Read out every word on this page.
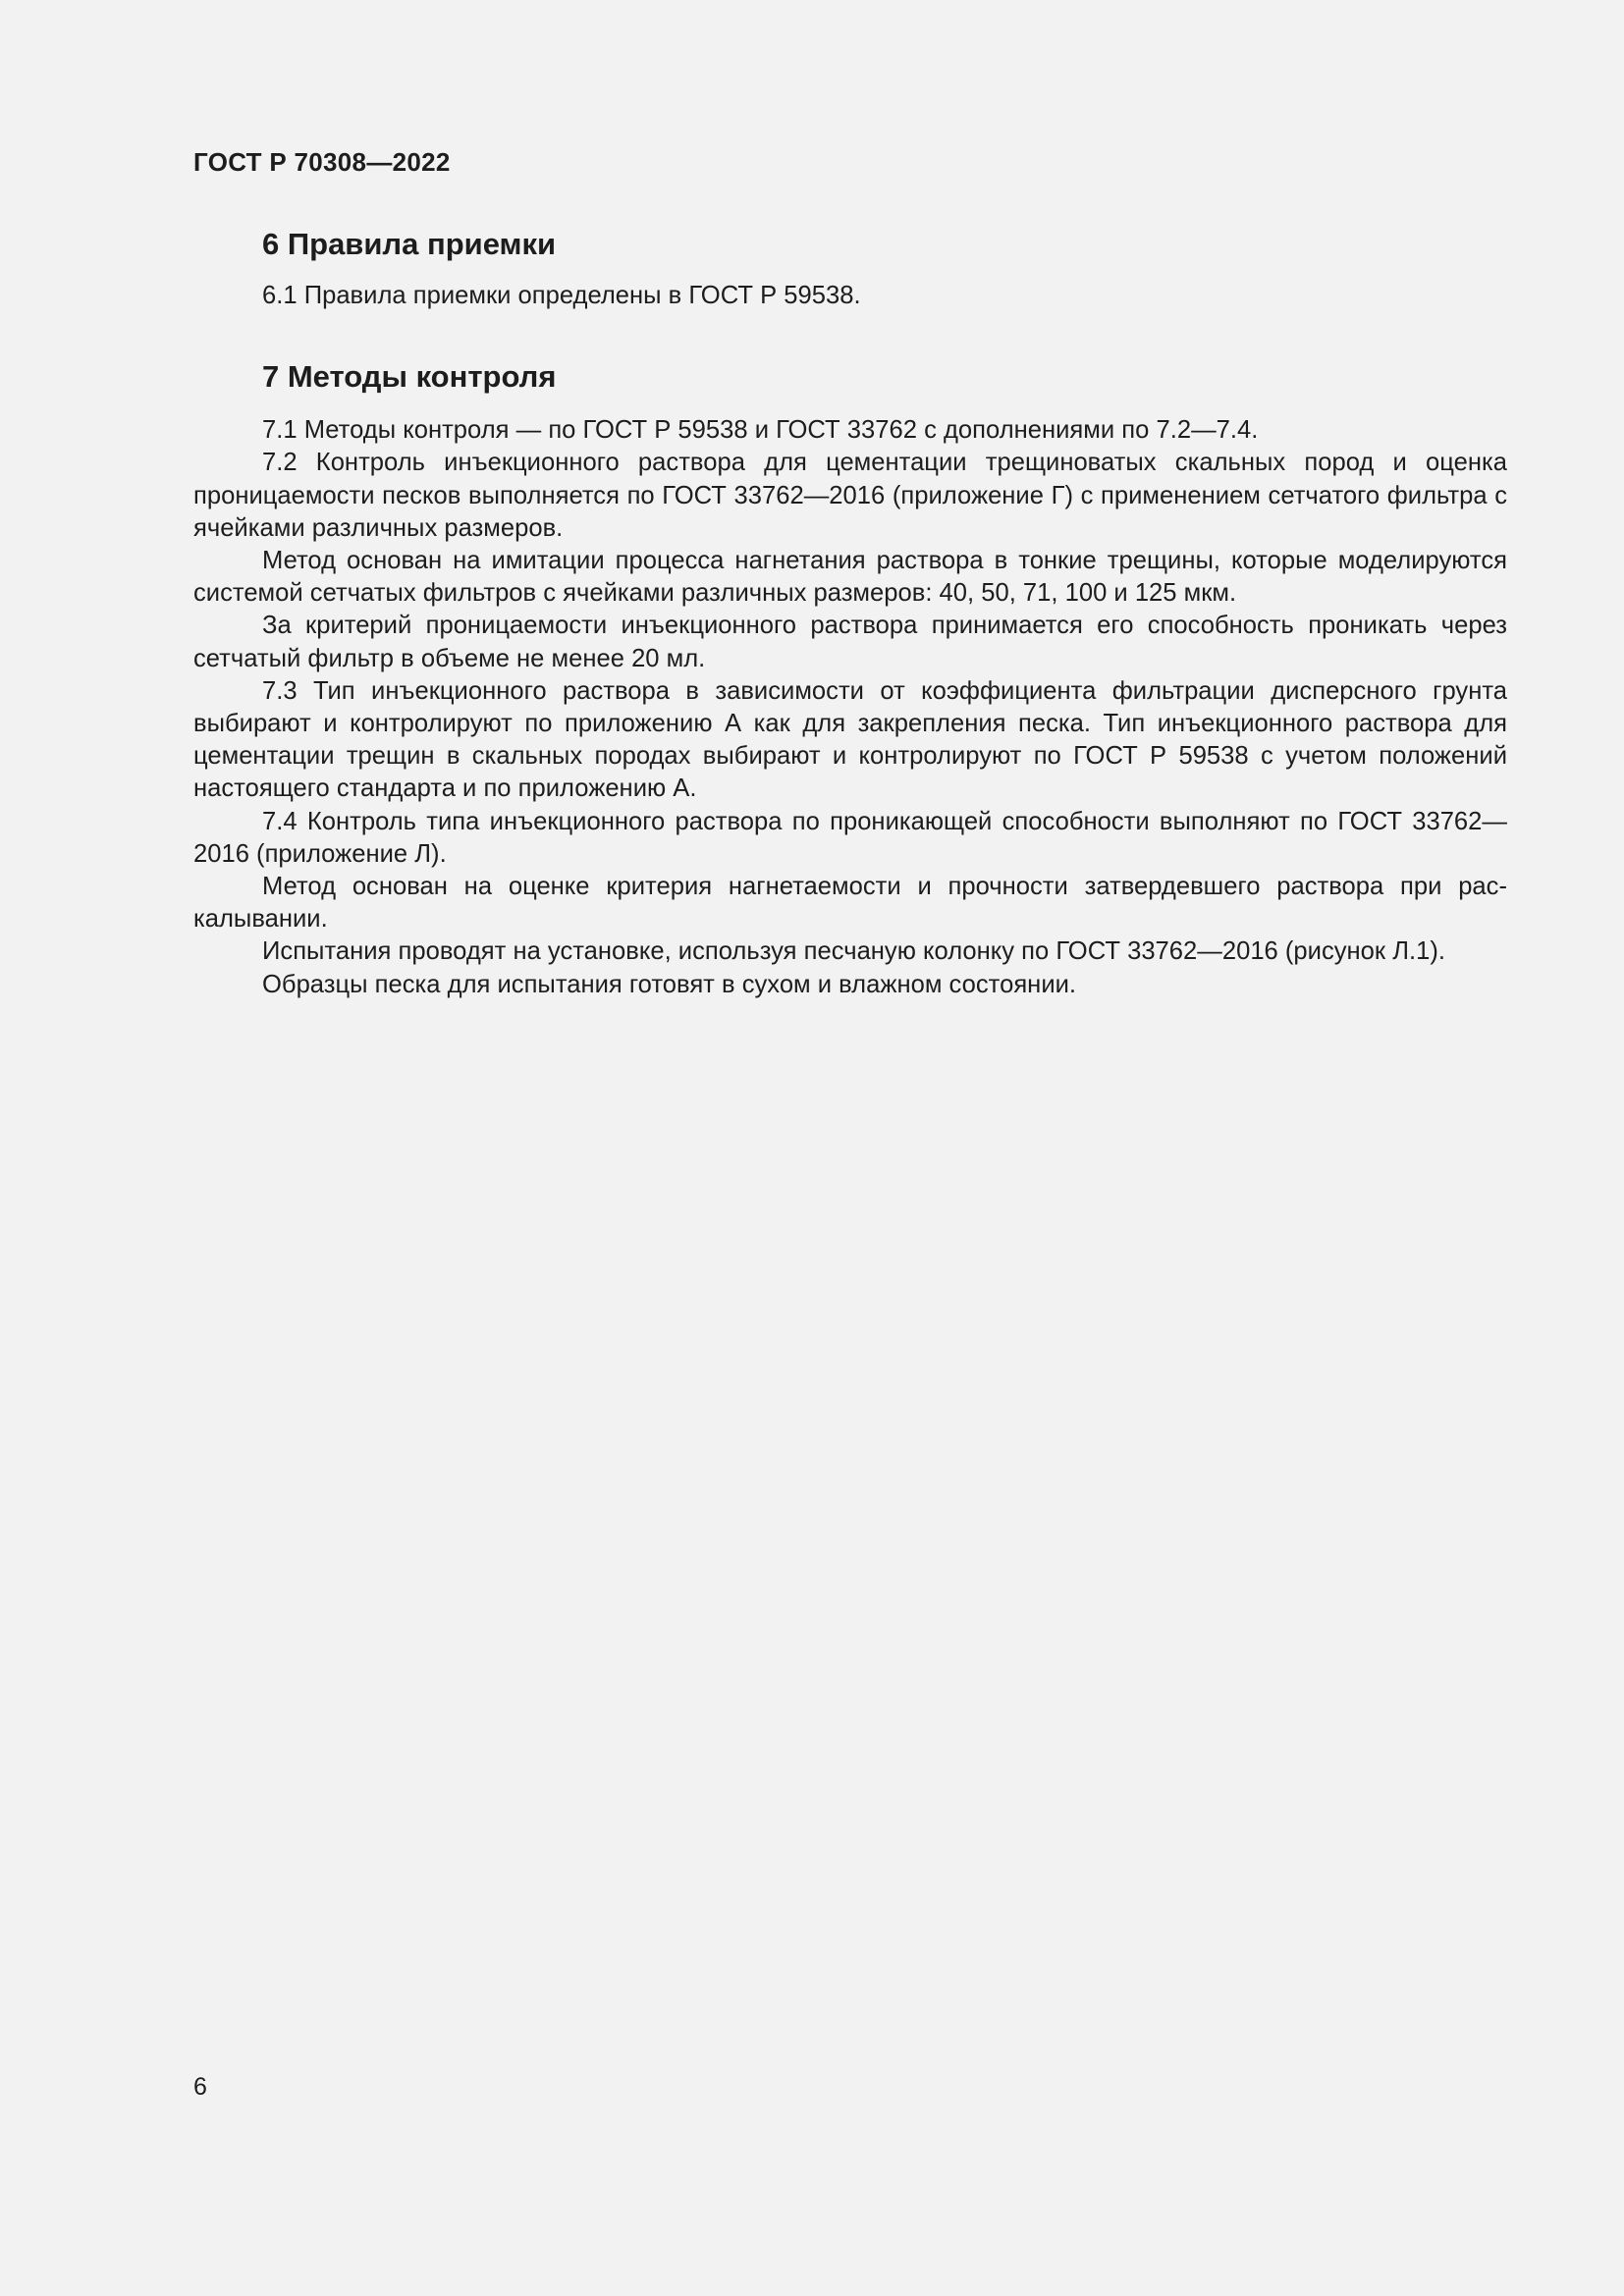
ГОСТ Р 70308—2022
6 Правила приемки

6.1 Правила приемки определены в ГОСТ Р 59538.

7 Методы контроля

7.1 Методы контроля — по ГОСТ Р 59538 и ГОСТ 33762 с дополнениями по 7.2—7.4.

7.2 Контроль инъекционного раствора для цементации трещиноватых скальных пород и оценка проницаемости песков выполняется по ГОСТ 33762—2016 (приложение Г) с применением сетчатого фильтра с ячейками различных размеров.

Метод основан на имитации процесса нагнетания раствора в тонкие трещины, которые моделируются системой сетчатых фильтров с ячейками различных размеров: 40, 50, 71, 100 и 125 мкм.

За критерий проницаемости инъекционного раствора принимается его способность проникать через сетчатый фильтр в объеме не менее 20 мл.

7.3 Тип инъекционного раствора в зависимости от коэффициента фильтрации дисперсного грунта выбирают и контролируют по приложению А как для закрепления песка. Тип инъекционного раствора для цементации трещин в скальных породах выбирают и контролируют по ГОСТ Р 59538 с учетом положений настоящего стандарта и по приложению А.

7.4 Контроль типа инъекционного раствора по проникающей способности выполняют по ГОСТ 33762—2016 (приложение Л).

Метод основан на оценке критерия нагнетаемости и прочности затвердевшего раствора при раскалывании.

Испытания проводят на установке, используя песчаную колонку по ГОСТ 33762—2016 (рисунок Л.1).

Образцы песка для испытания готовят в сухом и влажном состоянии.

6
